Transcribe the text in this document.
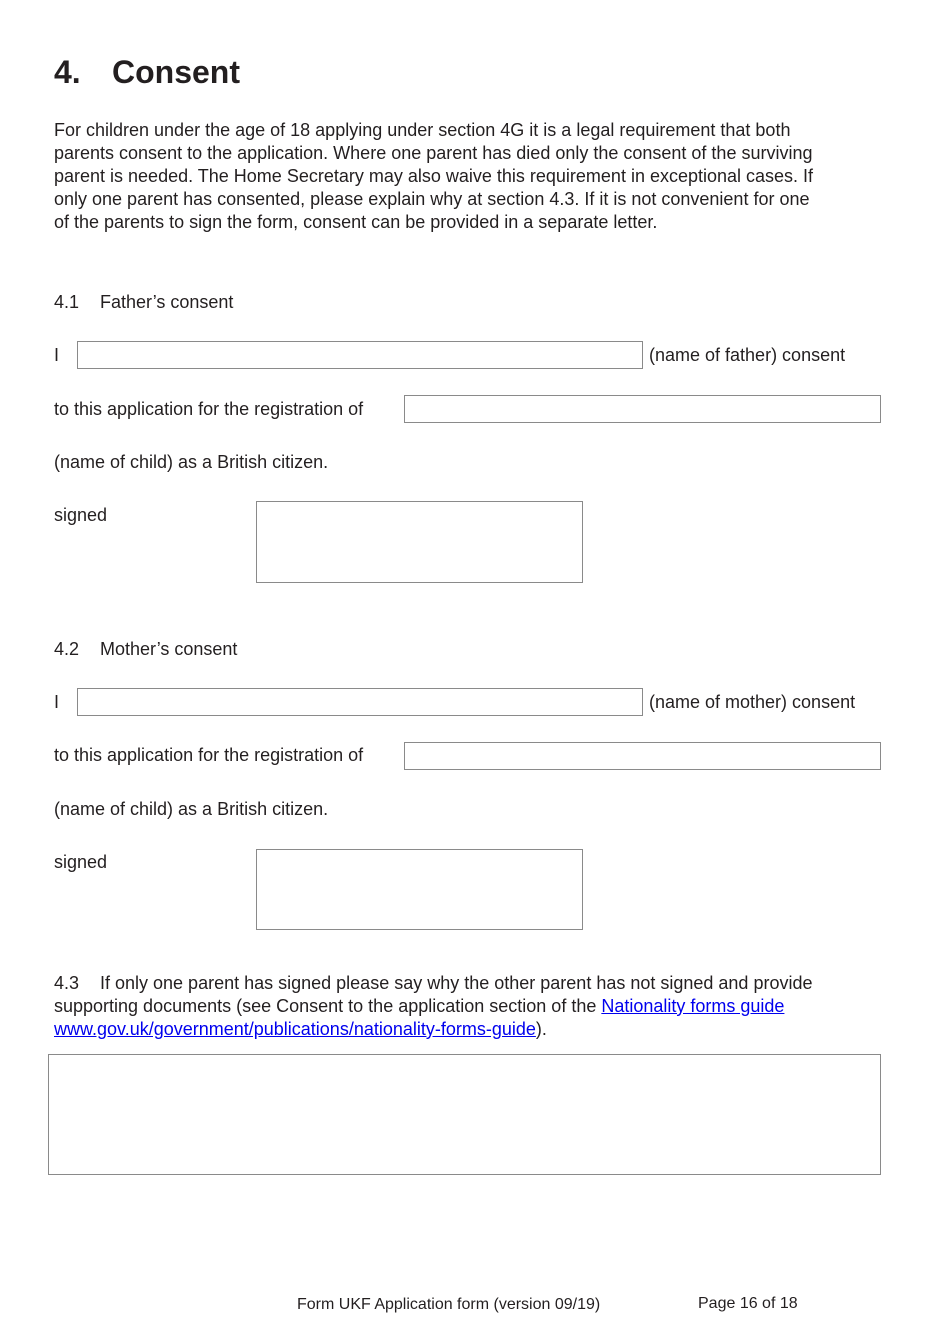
4. Consent
For children under the age of 18 applying under section 4G it is a legal requirement that both
parents consent to the application. Where one parent has died only the consent of the surviving
parent is needed. The Home Secretary may also waive this requirement in exceptional cases. If
only one parent has consented, please explain why at section 4.3. If it is not convenient for one
of the parents to sign the form, consent can be provided in a separate letter.
4.1 Father’s consent
I	(name of father) consent
to this application for the registration of
(name of child) as a British citizen.
signed
4.2 Mother’s consent
I	(name of mother) consent
to this application for the registration of
(name of child) as a British citizen.
signed
4.3 If only one parent has signed please say why the other parent has not signed and provide
supporting documents (see Consent to the application section of the Nationality forms guide
www.gov.uk/government/publications/nationality-forms-guide).
Form UKF Application form (version 09/19)	Page 16 of 18
